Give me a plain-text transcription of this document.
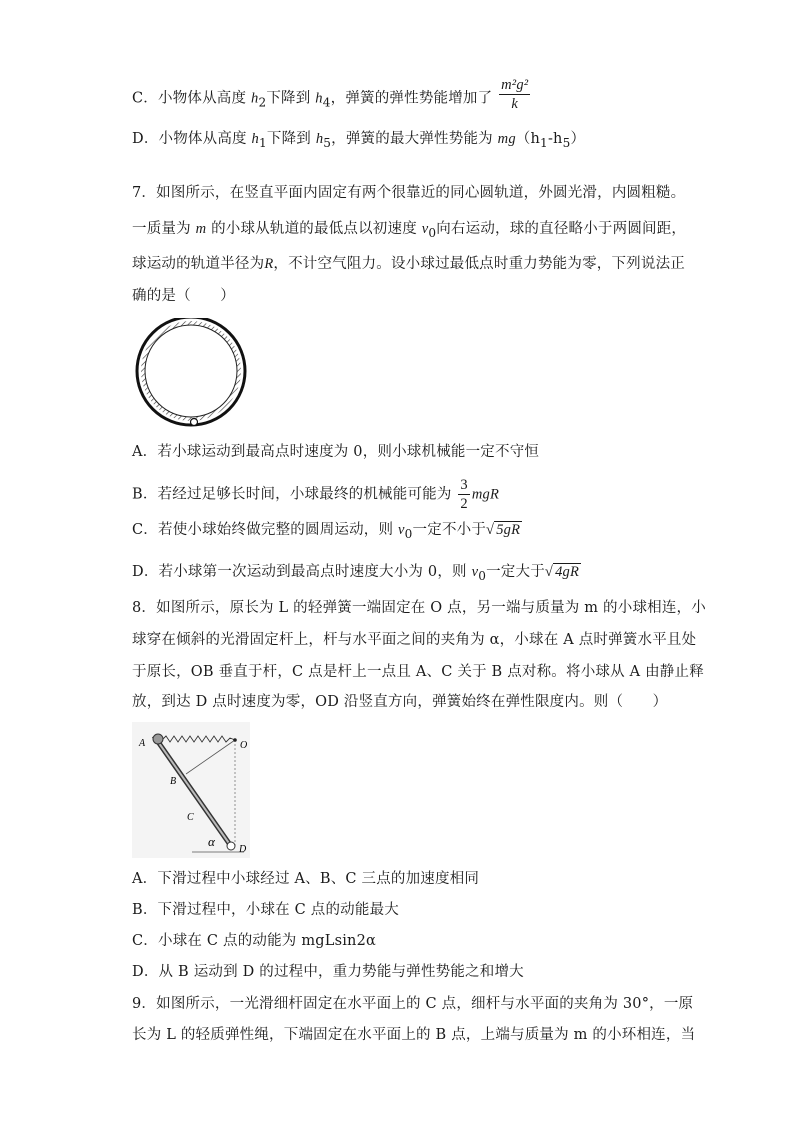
C．小物体从高度 $h_2$下降到 $h_4$，弹簧的弹性势能增加了 $\frac{\text{m²g²}}{k}$
D．小物体从高度 $h_1$下降到 $h_5$，弹簧的最大弹性势能为 $mg(h_1-h_5)$
7．如图所示，在竖直平面内固定有两个很靠近的同心圆轨道，外圆光滑，内圆粗糙。
一质量为 m 的小球从轨道的最低点以初速度 $v_0$向右运动，球的直径略小于两圆间距，
球运动的轨道半径为R，不计空气阻力。设小球过最低点时重力势能为零，下列说法正
确的是（　　）
A．若小球运动到最高点时速度为 0，则小球机械能一定不守恒
B．若经过足够长时间，小球最终的机械能可能为 $\frac{3}{2}$ mgR
C．若使小球始终做完整的圆周运动，则 $v_0$一定不小于√ 5gR
D．若小球第一次运动到最高点时速度大小为 0，则 $v_0$一定大于√ 4gR
8．如图所示，原长为 L 的轻弹簧一端固定在 O 点，另一端与质量为 m 的小球相连，小
球穿在倾斜的光滑固定杆上，杆与水平面之间的夹角为 α，小球在 A 点时弹簧水平且处
于原长，OB 垂直于杆，C 点是杆上一点且 A、C 关于 B 点对称。将小球从 A 由静止释
放，到达 D 点时速度为零，OD 沿竖直方向，弹簧始终在弹性限度内。则（　　）
A	O
B
C
D
α
A．下滑过程中小球经过 A、B、C 三点的加速度相同
B．下滑过程中，小球在 C 点的动能最大
C．小球在 C 点的动能为 mgLsin2α
D．从 B 运动到 D 的过程中，重力势能与弹性势能之和增大
9．如图所示，一光滑细杆固定在水平面上的 C 点，细杆与水平面的夹角为 30°，一原
长为 L 的轻质弹性绳，下端固定在水平面上的 B 点，上端与质量为 m 的小环相连，当
